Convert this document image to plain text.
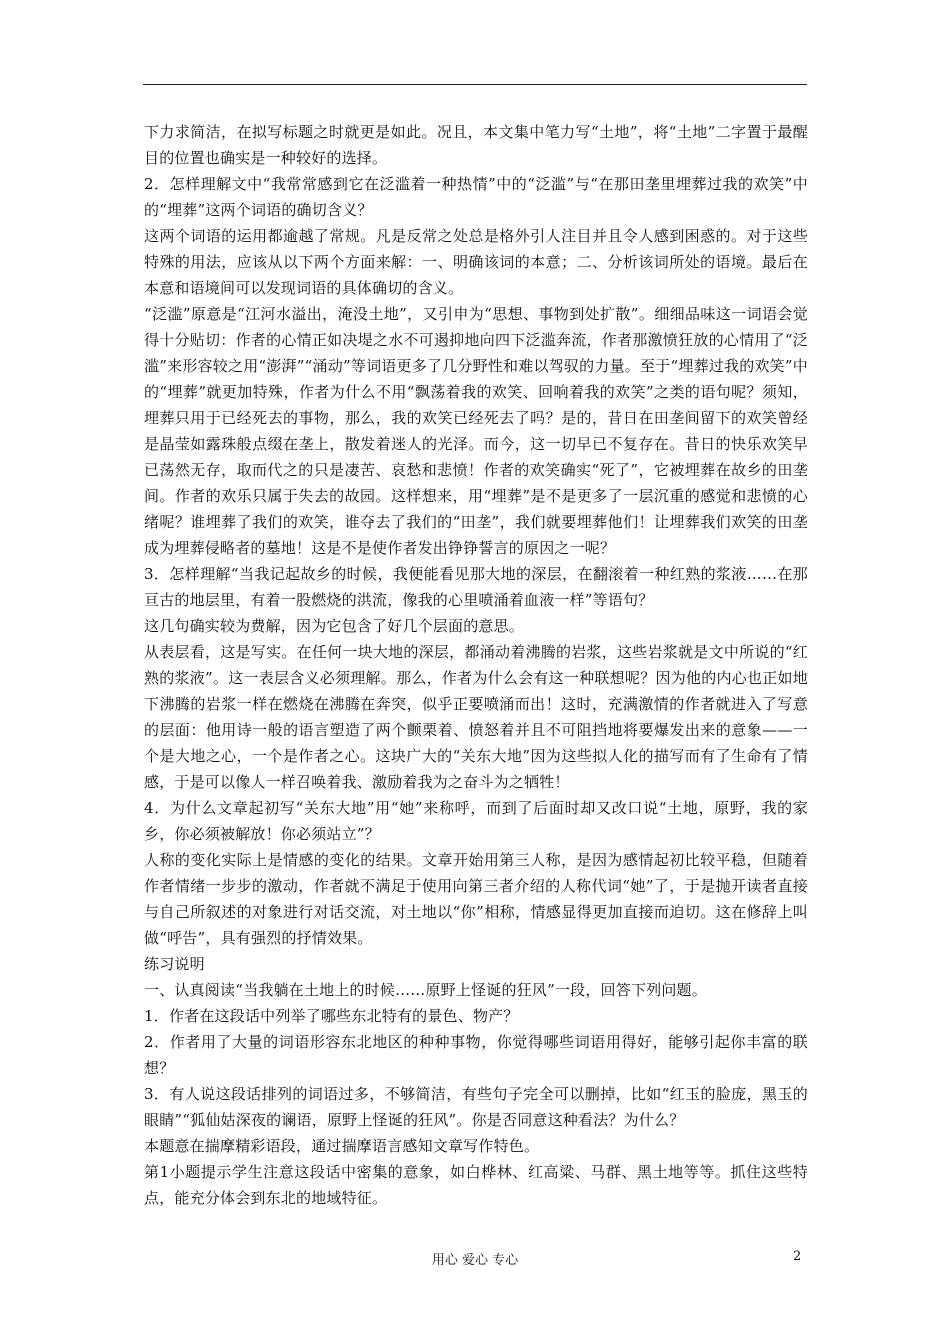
下力求简洁，在拟写标题之时就更是如此。况且，本文集中笔力写“土地”，将“土地”二字置于最醒目的位置也确实是一种较好的选择。

2．怎样理解文中“我常常感到它在泛滥着一种热情”中的“泛滥”与“在那田垄里埋葬过我的欢笑”中的“埋葬”这两个词语的确切含义？

这两个词语的运用都逾越了常规。凡是反常之处总是格外引人注目并且令人感到困惑的。对于这些特殊的用法，应该从以下两个方面来解：一、明确该词的本意；二、分析该词所处的语境。最后在本意和语境间可以发现词语的具体确切的含义。

“泛滥”原意是“江河水溢出，淹没土地”，又引申为“思想、事物到处扩散”。细细品味这一词语会觉得十分贴切：作者的心情正如决堤之水不可遏抑地向四下泛滥奔流，作者那激愤狂放的心情用了“泛滥”来形容较之用“澎湃”“涌动”等词语更多了几分野性和难以驾驭的力量。至于“埋葬过我的欢笑”中的“埋葬”就更加特殊，作者为什么不用“飘荡着我的欢笑、回响着我的欢笑”之类的语句呢？须知，埋葬只用于已经死去的事物，那么，我的欢笑已经死去了吗？是的，昔日在田垄间留下的欢笑曾经是晶莹如露珠般点缀在垄上，散发着迷人的光泽。而今，这一切早已不复存在。昔日的快乐欢笑早已荡然无存，取而代之的只是凄苦、哀愁和悲愤！作者的欢笑确实“死了”，它被埋葬在故乡的田垄间。作者的欢乐只属于失去的故园。这样想来，用“埋葬”是不是更多了一层沉重的感觉和悲愤的心绪呢？谁埋葬了我们的欢笑，谁夺去了我们的“田垄”，我们就要埋葬他们！让埋葬我们欢笑的田垄成为埋葬侵略者的墓地！这是不是使作者发出铮铮誓言的原因之一呢？

3．怎样理解“当我记起故乡的时候，我便能看见那大地的深层，在翻滚着一种红熟的浆液……在那亘古的地层里，有着一股燃烧的洪流，像我的心里喷涌着血液一样”等语句？

这几句确实较为费解，因为它包含了好几个层面的意思。

从表层看，这是写实。在任何一块大地的深层，都涌动着沸腾的岩浆，这些岩浆就是文中所说的“红熟的浆液”。这一表层含义必须理解。那么，作者为什么会有这一种联想呢？因为他的内心也正如地下沸腾的岩浆一样在燃烧在沸腾在奔突，似乎正要喷涌而出！这时，充满激情的作者就进入了写意的层面：他用诗一般的语言塑造了两个颤栗着、愤怒着并且不可阻挡地将要爆发出来的意象——一个是大地之心，一个是作者之心。这块广大的“关东大地”因为这些拟人化的描写而有了生命有了情感，于是可以像人一样召唤着我、激励着我为之奋斗为之牺牲！

4．为什么文章起初写“关东大地”用“她”来称呼，而到了后面时却又改口说“土地，原野，我的家乡，你必须被解放！你必须站立”？

人称的变化实际上是情感的变化的结果。文章开始用第三人称，是因为感情起初比较平稳，但随着作者情绪一步步的激动，作者就不满足于使用向第三者介绍的人称代词“她”了，于是抛开读者直接与自己所叙述的对象进行对话交流，对土地以“你”相称，情感显得更加直接而迫切。这在修辞上叫做“呼告”，具有强烈的抒情效果。

练习说明

一、认真阅读“当我躺在土地上的时候……原野上怪诞的狂风”一段，回答下列问题。

1．作者在这段话中列举了哪些东北特有的景色、物产？

2．作者用了大量的词语形容东北地区的种种事物，你觉得哪些词语用得好，能够引起你丰富的联想？

3．有人说这段话排列的词语过多，不够简洁，有些句子完全可以删掉，比如“红玉的脸庞，黑玉的眼睛”“狐仙姑深夜的谰语，原野上怪诞的狂风”。你是否同意这种看法？为什么？

本题意在揣摩精彩语段，通过揣摩语言感知文章写作特色。

第1小题提示学生注意这段话中密集的意象，如白桦林、红高粱、马群、黑土地等等。抓住这些特点，能充分体会到东北的地域特征。

用心 爱心 专心	2
